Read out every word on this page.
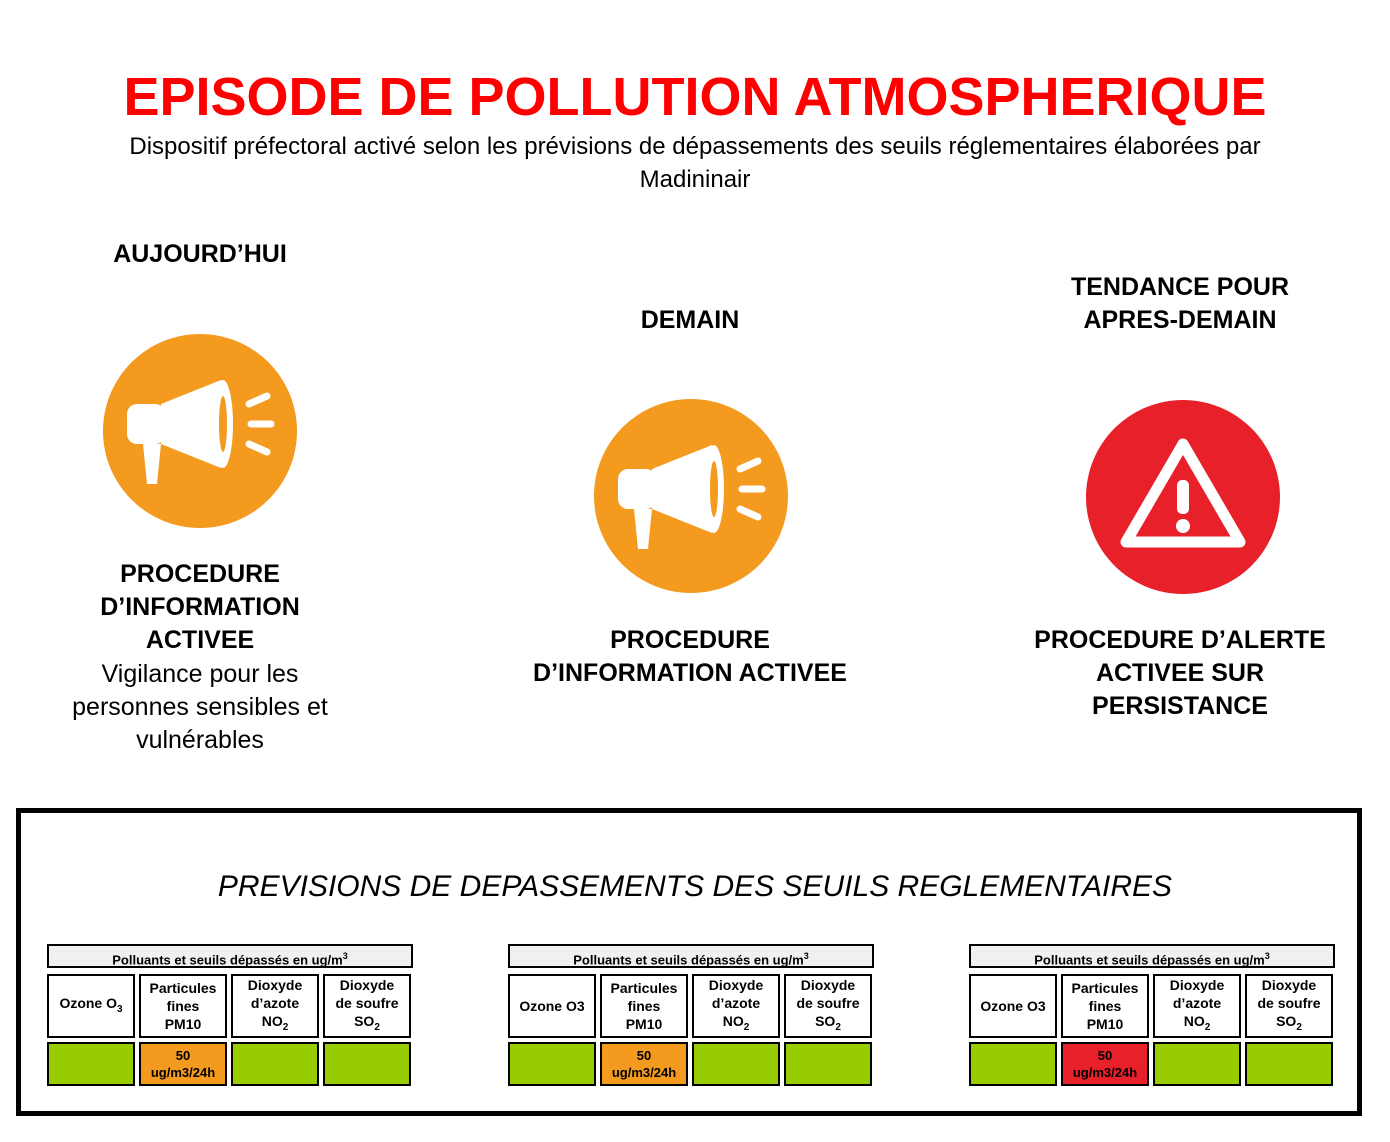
EPISODE DE POLLUTION ATMOSPHERIQUE
Dispositif préfectoral activé selon les prévisions de dépassements des seuils réglementaires élaborées par
Madininair
AUJOURD’HUI
PROCEDURE
D’INFORMATION
ACTIVEE
Vigilance pour les
personnes sensibles et
vulnérables
DEMAIN
PROCEDURE
D’INFORMATION ACTIVEE
TENDANCE POUR
APRES-DEMAIN
PROCEDURE D’ALERTE
ACTIVEE SUR
PERSISTANCE
PREVISIONS DE DEPASSEMENTS DES SEUILS REGLEMENTAIRES
Polluants et seuils dépassés en $ug/m^3$
Ozone $O_3$
Particules
fines
PM10
Dioxyde
d’azote
$NO_2$
Dioxyde
de soufre
$SO_2$
50
ug/m3/24h
Polluants et seuils dépassés en $ug/m^3$
Ozone O3
Particules
fines
PM10
Dioxyde
d’azote
$NO_2$
Dioxyde
de soufre
$SO_2$
50
ug/m3/24h
Polluants et seuils dépassés en $ug/m^3$
Ozone O3
Particules
fines
PM10
Dioxyde
d’azote
$NO_2$
Dioxyde
de soufre
$SO_2$
50
ug/m3/24h
